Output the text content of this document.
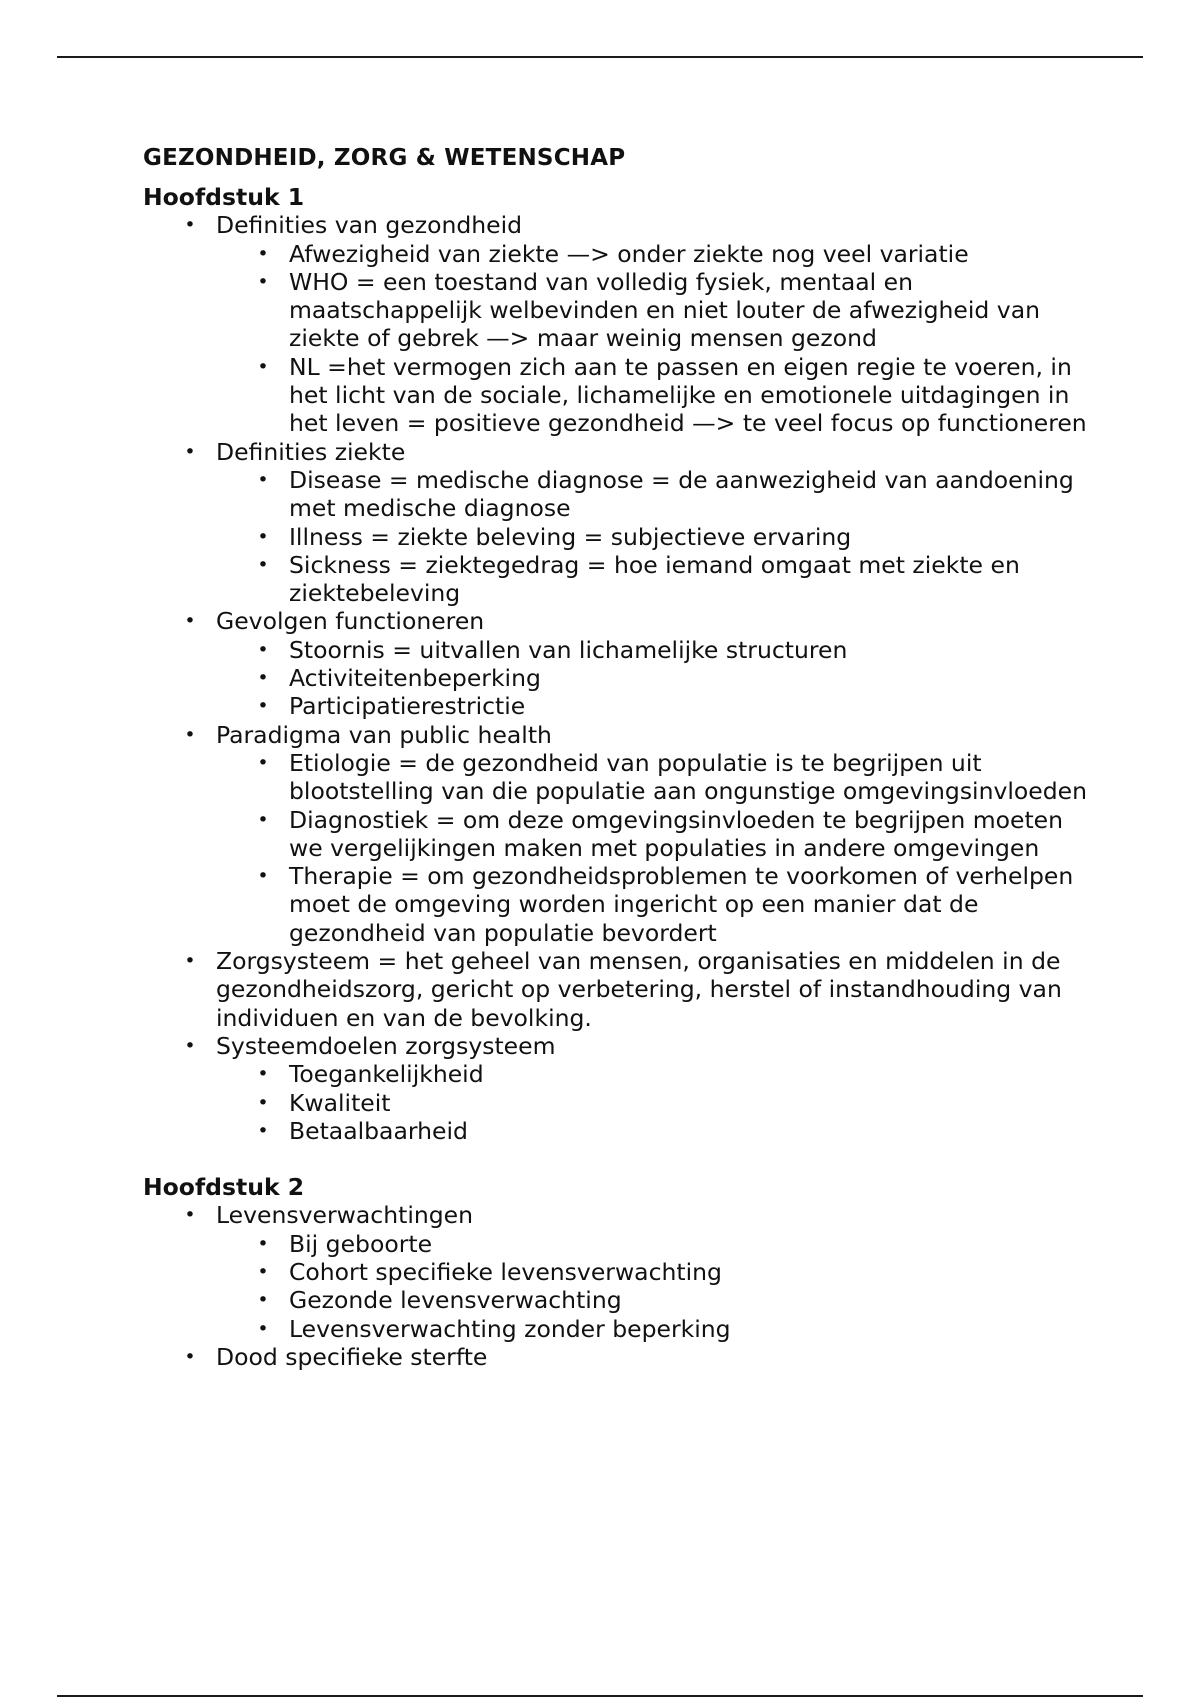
GEZONDHEID, ZORG & WETENSCHAP
Hoofdstuk 1
• Definities van gezondheid
• Afwezigheid van ziekte —> onder ziekte nog veel variatie
• WHO = een toestand van volledig fysiek, mentaal en maatschappelijk welbevinden en niet louter de afwezigheid van ziekte of gebrek —> maar weinig mensen gezond
• NL =het vermogen zich aan te passen en eigen regie te voeren, in het licht van de sociale, lichamelijke en emotionele uitdagingen in het leven = positieve gezondheid —> te veel focus op functioneren
• Definities ziekte
• Disease = medische diagnose = de aanwezigheid van aandoening met medische diagnose
• Illness = ziekte beleving = subjectieve ervaring
• Sickness = ziektegedrag = hoe iemand omgaat met ziekte en ziektebeleving
• Gevolgen functioneren
• Stoornis = uitvallen van lichamelijke structuren
• Activiteitenbeperking
• Participatierestrictie
• Paradigma van public health
• Etiologie = de gezondheid van populatie is te begrijpen uit blootstelling van die populatie aan ongunstige omgevingsinvloeden
• Diagnostiek = om deze omgevingsinvloeden te begrijpen moeten we vergelijkingen maken met populaties in andere omgevingen
• Therapie = om gezondheidsproblemen te voorkomen of verhelpen moet de omgeving worden ingericht op een manier dat de gezondheid van populatie bevordert
• Zorgsysteem = het geheel van mensen, organisaties en middelen in de gezondheidszorg, gericht op verbetering, herstel of instandhouding van individuen en van de bevolking.
• Systeemdoelen zorgsysteem
• Toegankelijkheid
• Kwaliteit
• Betaalbaarheid
Hoofdstuk 2
• Levensverwachtingen
• Bij geboorte
• Cohort specifieke levensverwachting
• Gezonde levensverwachting
• Levensverwachting zonder beperking
• Dood specifieke sterfte
